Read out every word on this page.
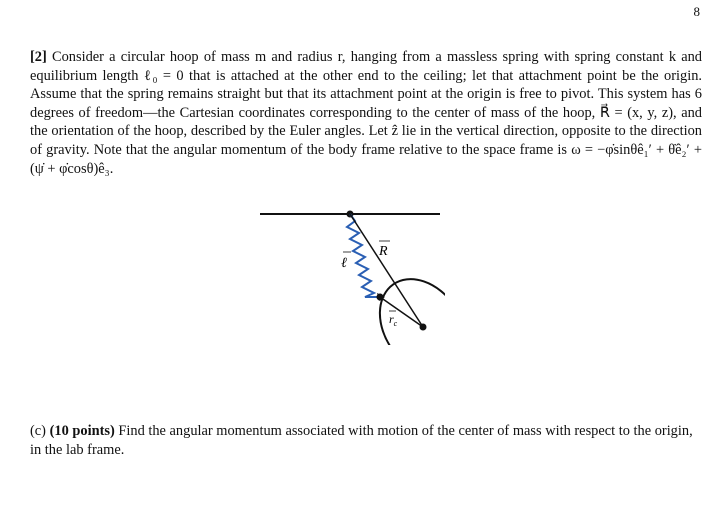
8

[2] Consider a circular hoop of mass m and radius r, hanging from a massless spring with spring constant k and equilibrium length ℓ₀ = 0 that is attached at the other end to the ceiling; let that attachment point be the origin. Assume that the spring remains straight but that its attachment point at the origin is free to pivot. This system has 6 degrees of freedom—the Cartesian coordinates corresponding to the center of mass of the hoop, R⃗ = (x, y, z), and the orientation of the hoop, described by the Euler angles. Let ẑ lie in the vertical direction, opposite to the direction of gravity. Note that the angular momentum of the body frame relative to the space frame is ω = −φ̇sinθê₁′ + θ̇ê₂′ + (ψ̇ + φ̇cosθ)ê₃.

ℓ
R
$r_c$

(c) (10 points) Find the angular momentum associated with motion of the center of mass with respect to the origin, in the lab frame.
